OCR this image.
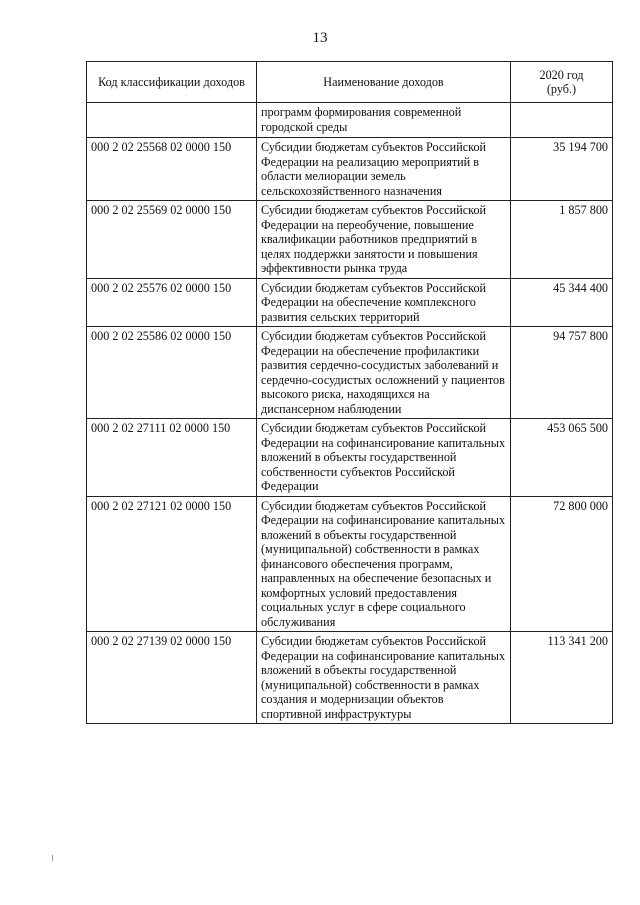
13
Код классификации доходов	Наименование доходов	2020 год
(руб.)
	программ формирования современной городской среды	
000 2 02 25568 02 0000 150	Субсидии бюджетам субъектов Российской Федерации на реализацию мероприятий в области мелиорации земель сельскохозяйственного назначения	35 194 700
000 2 02 25569 02 0000 150	Субсидии бюджетам субъектов Российской Федерации на переобучение, повышение квалификации работников предприятий в целях поддержки занятости и повышения эффективности рынка труда	1 857 800
000 2 02 25576 02 0000 150	Субсидии бюджетам субъектов Российской Федерации на обеспечение комплексного развития сельских территорий	45 344 400
000 2 02 25586 02 0000 150	Субсидии бюджетам субъектов Российской Федерации на обеспечение профилактики развития сердечно-сосудистых заболеваний и сердечно-сосудистых осложнений у пациентов высокого риска, находящихся на диспансерном наблюдении	94 757 800
000 2 02 27111 02 0000 150	Субсидии бюджетам субъектов Российской Федерации на софинансирование капитальных вложений в объекты государственной собственности субъектов Российской Федерации	453 065 500
000 2 02 27121 02 0000 150	Субсидии бюджетам субъектов Российской Федерации на софинансирование капитальных вложений в объекты государственной (муниципальной) собственности в рамках финансового обеспечения программ, направленных на обеспечение безопасных и комфортных условий предоставления социальных услуг в сфере социального обслуживания	72 800 000
000 2 02 27139 02 0000 150	Субсидии бюджетам субъектов Российской Федерации на софинансирование капитальных вложений в объекты государственной (муниципальной) собственности в рамках создания и модернизации объектов спортивной инфраструктуры	113 341 200
